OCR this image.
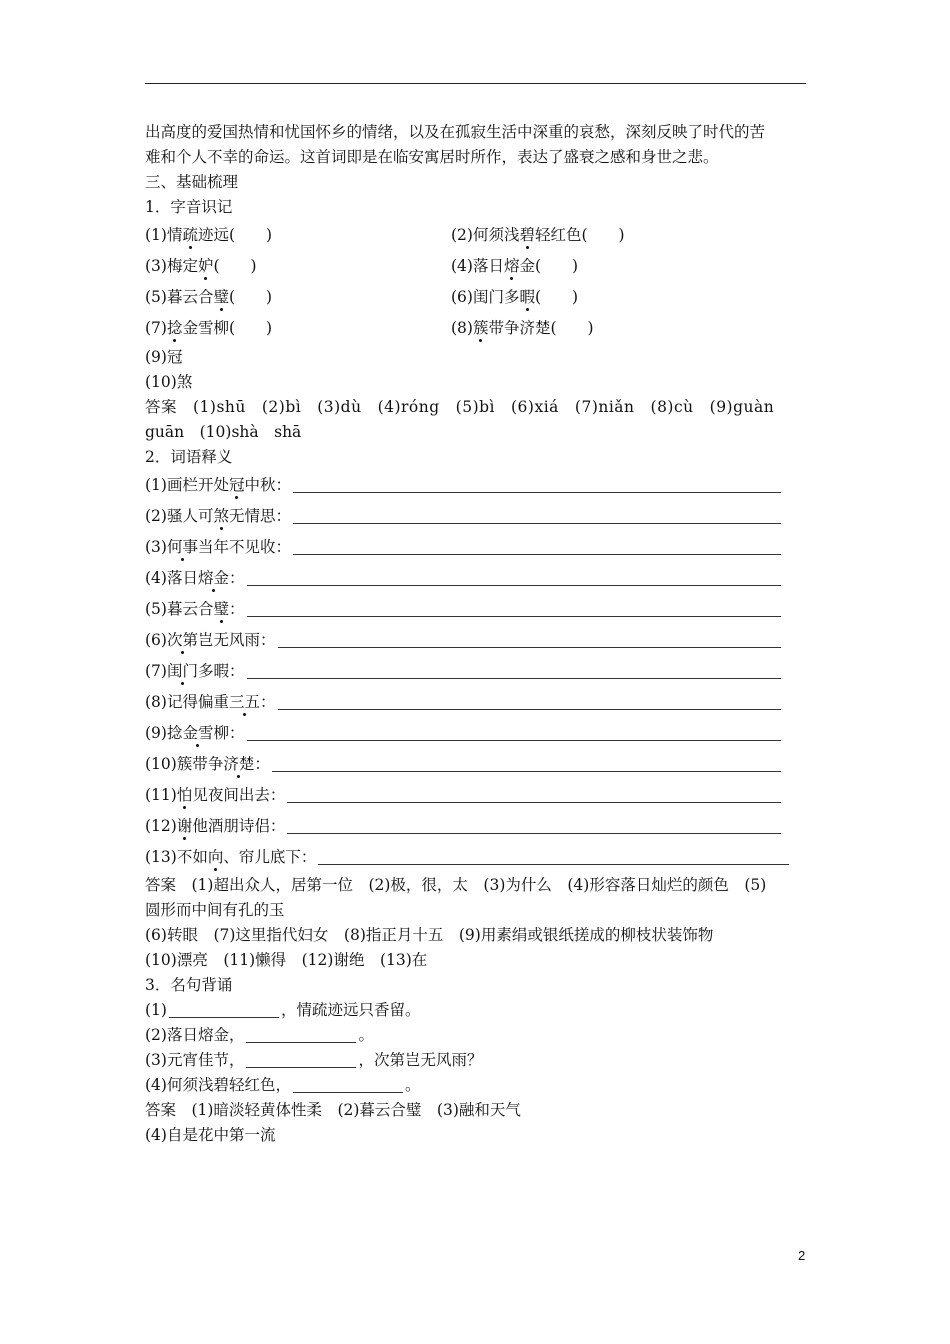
出高度的爱国热情和忧国怀乡的情绪，以及在孤寂生活中深重的哀愁，深刻反映了时代的苦
难和个人不幸的命运。这首词即是在临安寓居时所作，表达了盛衰之感和身世之悲。
三、基础梳理
1．字音识记
(1)情疏迹远(　　)	(2)何须浅碧轻红色(　　)
(3)梅定妒(　　)	(4)落日熔金(　　)
(5)暮云合璧(　　)	(6)闺门多暇(　　)
(7)捻金雪柳(　　)	(8)簇带争济楚(　　)
(9)冠
(10)煞
答案　(1)shū　(2)bì　(3)dù　(4)róng　(5)bì　(6)xiá　(7)niǎn　(8)cù　(9)guàn
guān　(10)shà　shā
2．词语释义
(1)画栏开处冠中秋：
(2)骚人可煞无情思：
(3)何事当年不见收：
(4)落日熔金：
(5)暮云合璧：
(6)次第岂无风雨：
(7)闺门多暇：
(8)记得偏重三五：
(9)捻金雪柳：
(10)簇带争济楚：
(11)怕见夜间出去：
(12)谢他酒朋诗侣：
(13)不如向、帘儿底下：
答案　(1)超出众人，居第一位　(2)极，很，太　(3)为什么　(4)形容落日灿烂的颜色　(5)
圆形而中间有孔的玉
(6)转眼　(7)这里指代妇女　(8)指正月十五　(9)用素绢或银纸搓成的柳枝状装饰物
(10)漂亮　(11)懒得　(12)谢绝　(13)在
3．名句背诵
(1)	，情疏迹远只香留。
(2)落日熔金，	。
(3)元宵佳节，	，次第岂无风雨？
(4)何须浅碧轻红色，	。
答案　(1)暗淡轻黄体性柔　(2)暮云合璧　(3)融和天气
(4)自是花中第一流
2
